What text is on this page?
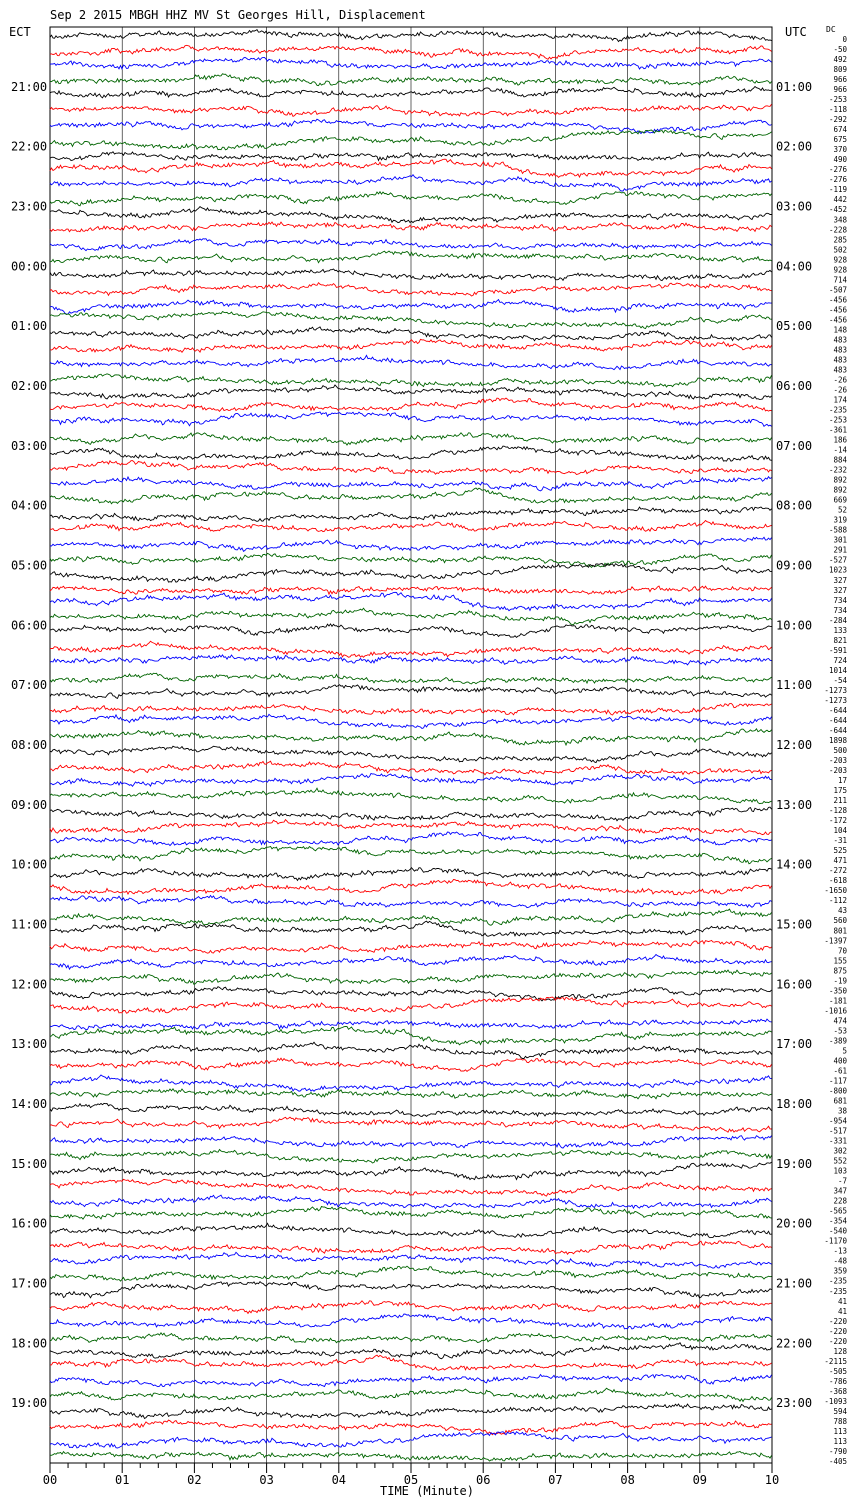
Sep 2 2015 MBGH HHZ MV St Georges Hill, Displacement
ECT	UTC DC
21:00
22:00
23:00
00:00
01:00
02:00
03:00
04:00
05:00
06:00
07:00
08:00
09:00
10:00
11:00
12:00
13:00
14:00
15:00
16:00
17:00
18:00
19:00
01:00
02:00
03:00
04:00
05:00
06:00
07:00
08:00
09:00
10:00
11:00
12:00
13:00
14:00
15:00
16:00
17:00
18:00
19:00
20:00
21:00
22:00
23:00
0
-50
492
809
966
966
-253
-118
-292
674
675
370
490
-276
-276
-119
442
-452
348
-228
285
502
928
928
714
-507
-456
-456
-456
148
483
483
483
483
-26
-26
174
-235
-253
-361
186
-14
884
-232
892
892
669
52
319
-588
301
291
-527
1023
327
327
734
734
-284
133
821
-591
724
1014
-54
-1273
-1273
-644
-644
-644
1898
500
-203
-203
17
175
211
-128
-172
104
-31
525
471
-272
-618
-1650
-112
43
560
801
-1397
70
155
875
-19
-350
-181
-1016
474
-53
-389
5
400
-61
-117
-800
681
38
-954
-517
-331
302
552
103
-7
347
228
-565
-354
-540
-1170
-13
-48
359
-235
-235
41
41
-220
-220
-220
128
-2115
-505
-786
-368
-1093
594
788
113
113
-790
-405
00	01	02	03	04	05	06	07	08	09	10
TIME (Minute)
